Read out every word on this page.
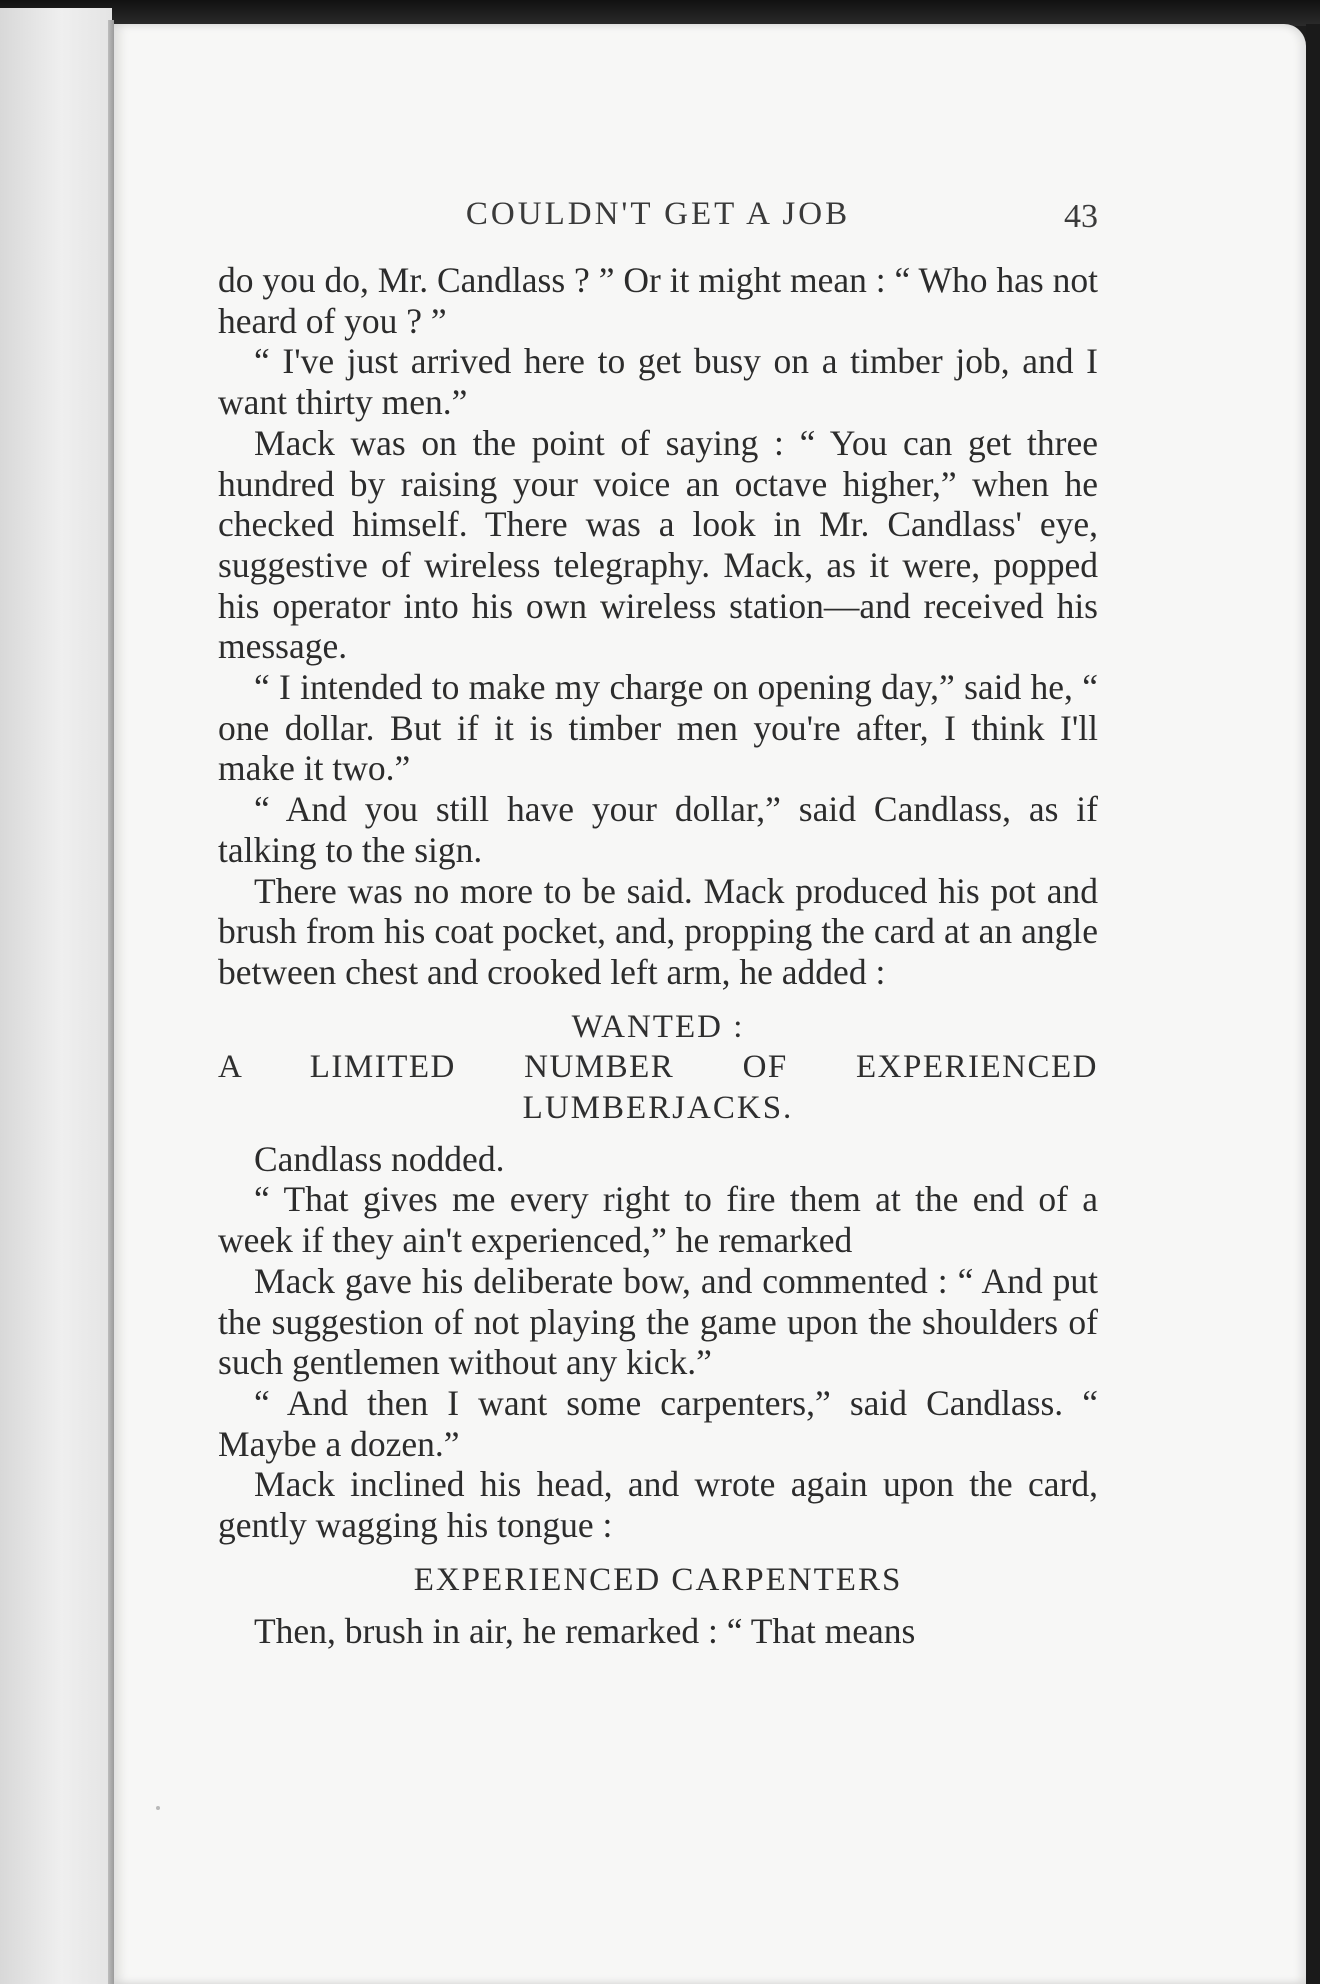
COULDN'T GET A JOB	43

do you do, Mr. Candlass ? ” Or it might mean : “ Who has not heard of you ? ”

“ I've just arrived here to get busy on a timber job, and I want thirty men.”

Mack was on the point of saying : “ You can get three hundred by raising your voice an octave higher,” when he checked himself. There was a look in Mr. Candlass' eye, suggestive of wireless telegraphy. Mack, as it were, popped his operator into his own wireless station—and received his message.

“ I intended to make my charge on opening day,” said he, “ one dollar. But if it is timber men you're after, I think I'll make it two.”

“ And you still have your dollar,” said Candlass, as if talking to the sign.

There was no more to be said. Mack produced his pot and brush from his coat pocket, and, propping the card at an angle between chest and crooked left arm, he added :

WANTED :
A LIMITED NUMBER OF EXPERIENCED
LUMBERJACKS.

Candlass nodded.

“ That gives me every right to fire them at the end of a week if they ain't experienced,” he remarked

Mack gave his deliberate bow, and commented : “ And put the suggestion of not playing the game upon the shoulders of such gentlemen without any kick.”

“ And then I want some carpenters,” said Candlass. “ Maybe a dozen.”

Mack inclined his head, and wrote again upon the card, gently wagging his tongue :

EXPERIENCED CARPENTERS

Then, brush in air, he remarked : “ That means
